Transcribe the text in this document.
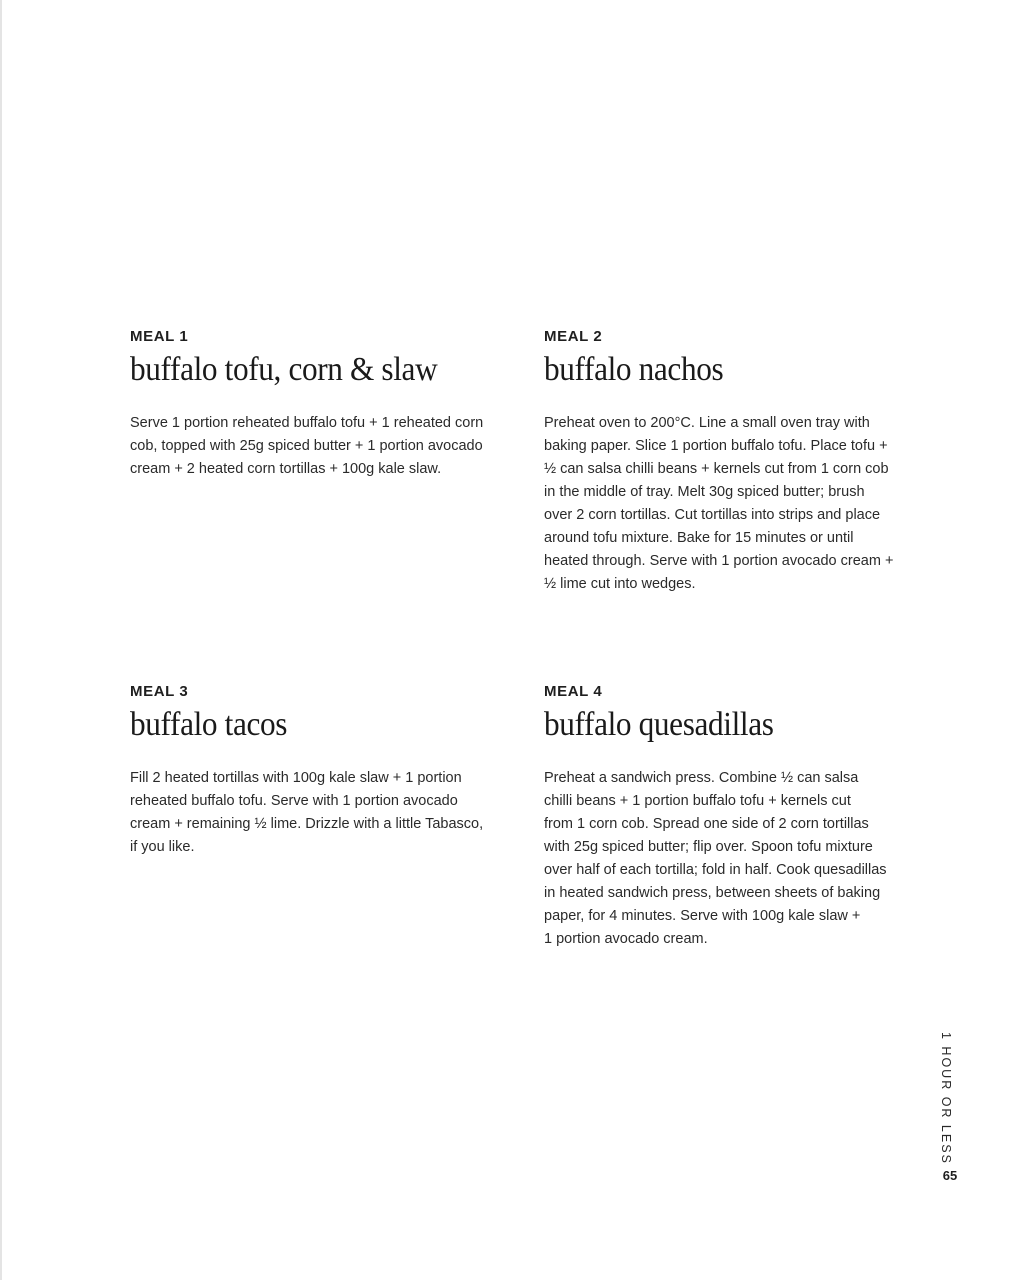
MEAL 1

buffalo tofu, corn & slaw

Serve 1 portion reheated buffalo tofu + 1 reheated corn
cob, topped with 25g spiced butter + 1 portion avocado
cream + 2 heated corn tortillas + 100g kale slaw.

MEAL 2

buffalo nachos

Preheat oven to 200°C. Line a small oven tray with
baking paper. Slice 1 portion buffalo tofu. Place tofu +
½ can salsa chilli beans + kernels cut from 1 corn cob
in the middle of tray. Melt 30g spiced butter; brush
over 2 corn tortillas. Cut tortillas into strips and place
around tofu mixture. Bake for 15 minutes or until
heated through. Serve with 1 portion avocado cream +
½ lime cut into wedges.

MEAL 3

buffalo tacos

Fill 2 heated tortillas with 100g kale slaw + 1 portion
reheated buffalo tofu. Serve with 1 portion avocado
cream + remaining ½ lime. Drizzle with a little Tabasco,
if you like.

MEAL 4

buffalo quesadillas

Preheat a sandwich press. Combine ½ can salsa
chilli beans + 1 portion buffalo tofu + kernels cut
from 1 corn cob. Spread one side of 2 corn tortillas
with 25g spiced butter; flip over. Spoon tofu mixture
over half of each tortilla; fold in half. Cook quesadillas
in heated sandwich press, between sheets of baking
paper, for 4 minutes. Serve with 100g kale slaw +
1 portion avocado cream.

1 HOUR OR LESS
65
